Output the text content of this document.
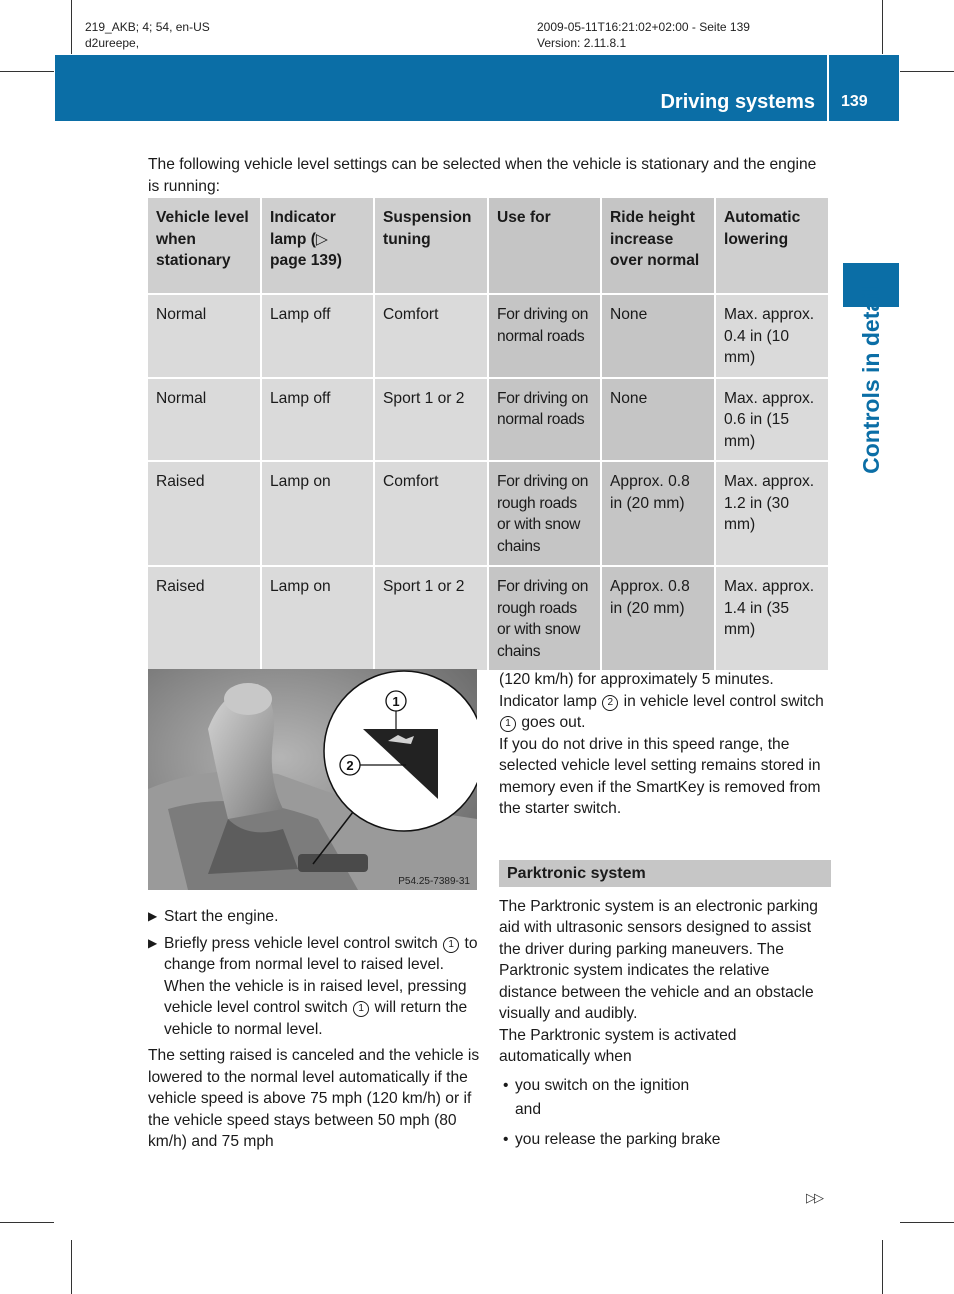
219_AKB; 4; 54, en-US
d2ureepe,
2009-05-11T16:21:02+02:00 - Seite 139
Version: 2.11.8.1
Driving systems 139
Controls in detail

The following vehicle level settings can be selected when the vehicle is stationary and the engine is running:

Vehicle level when stationary	Indicator lamp (▷ page 139)	Suspension tuning	Use for	Ride height increase over normal	Automatic lowering
Normal	Lamp off	Comfort	For driving on normal roads	None	Max. approx. 0.4 in (10 mm)
Normal	Lamp off	Sport 1 or 2	For driving on normal roads	None	Max. approx. 0.6 in (15 mm)
Raised	Lamp on	Comfort	For driving on rough roads or with snow chains	Approx. 0.8 in (20 mm)	Max. approx. 1.2 in (30 mm)
Raised	Lamp on	Sport 1 or 2	For driving on rough roads or with snow chains	Approx. 0.8 in (20 mm)	Max. approx. 1.4 in (35 mm)
1
2
P54.25-7389-31
▶ Start the engine.
▶ Briefly press vehicle level control switch 1 to change from normal level to raised level. When the vehicle is in raised level, pressing vehicle level control switch 1 will return the vehicle to normal level.

The setting raised is canceled and the vehicle is lowered to the normal level automatically if the vehicle speed is above 75 mph (120 km/h) or if the vehicle speed stays between 50 mph (80 km/h) and 75 mph

(120 km/h) for approximately 5 minutes. Indicator lamp 2 in vehicle level control switch 1 goes out.

If you do not drive in this speed range, the selected vehicle level setting remains stored in memory even if the SmartKey is removed from the starter switch.

Parktronic system

The Parktronic system is an electronic parking aid with ultrasonic sensors designed to assist the driver during parking maneuvers. The Parktronic system indicates the relative distance between the vehicle and an obstacle visually and audibly.

The Parktronic system is activated automatically when

• you switch on the ignition
and
• you release the parking brake
▷▷
